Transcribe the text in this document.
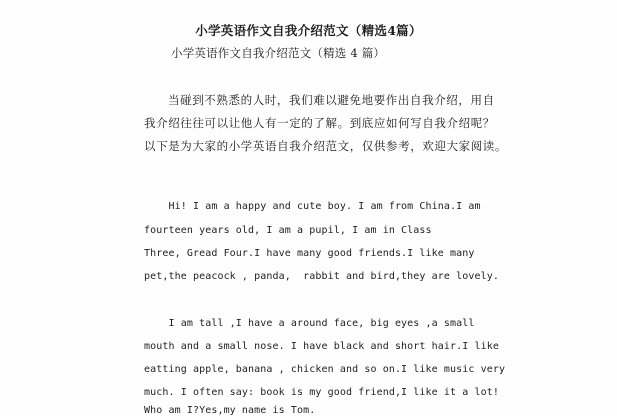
小学英语作文自我介绍范文（精选4篇）
小学英语作文自我介绍范文（精选 4 篇）
当碰到不熟悉的人时，我们难以避免地要作出自我介绍，用自
我介绍往往可以让他人有一定的了解。到底应如何写自我介绍呢？
以下是为大家的小学英语自我介绍范文，仅供参考，欢迎大家阅读。
Hi! I am a happy and cute boy. I am from China.I am
fourteen years old, I am a pupil, I am in Class
Three, Gread Four.I have many good friends.I like many
pet,the peacock , panda,  rabbit and bird,they are lovely.
I am tall ,I have a around face, big eyes ,a small
mouth and a small nose. I have black and short hair.I like
eatting apple, banana , chicken and so on.I like music very
much. I often say: book is my good friend,I like it a lot!
Who am I?Yes,my name is Tom.
